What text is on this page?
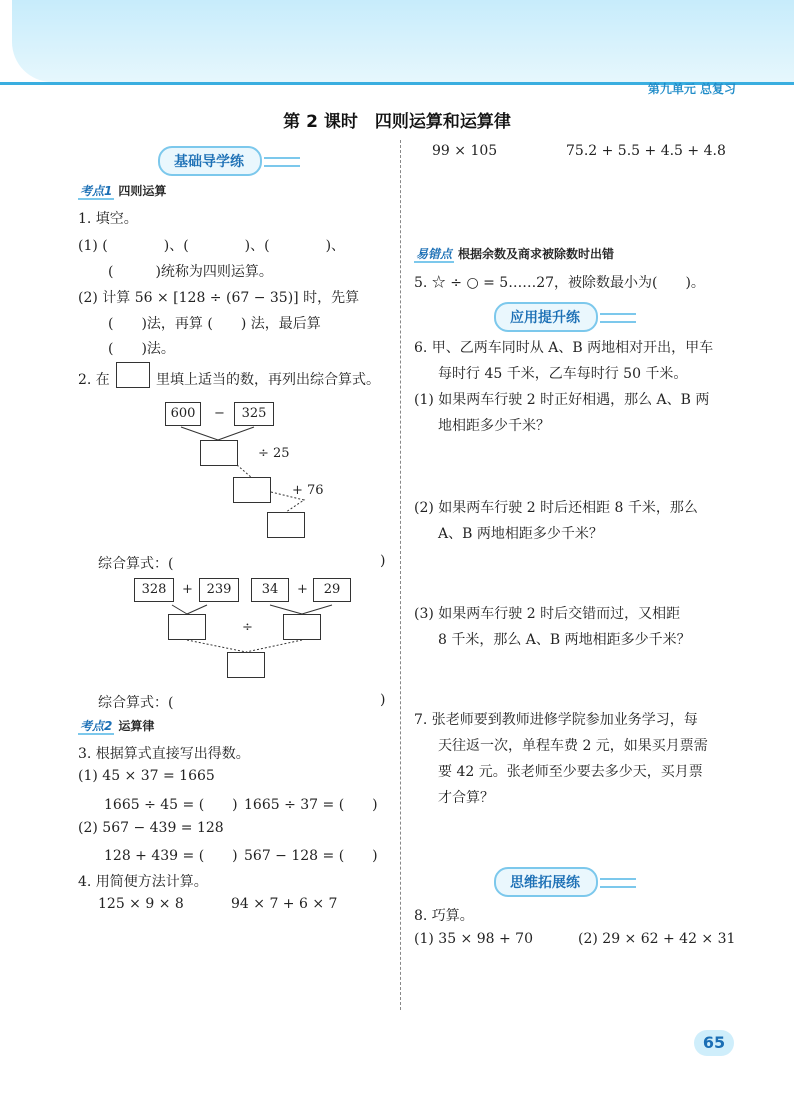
第九单元 总复习
第 2 课时　四则运算和运算律
基础导学练
考点1 四则运算
1. 填空。
(1) (　　　　)、(　　　　)、(　　　　)、
(　　　)统称为四则运算。
(2) 计算 56 × [128 ÷ (67 − 35)] 时，先算
(　　)法，再算 (　　) 法，最后算
(　　)法。
2. 在	里填上适当的数，再列出综合算式。
600	−	325
÷ 25
+ 76
综合算式：(	)
328	+	239	34	+	29
÷
综合算式：(	)
考点2 运算律
3. 根据算式直接写出得数。
(1) 45 × 37 = 1665
1665 ÷ 45 = (　　) 1665 ÷ 37 = (　　)
(2) 567 − 439 = 128
128 + 439 = (　　) 567 − 128 = (　　)
4. 用简便方法计算。
125 × 9 × 8	94 × 7 + 6 × 7
99 × 105	75.2 + 5.5 + 4.5 + 4.8
易错点 根据余数及商求被除数时出错
5. ☆ ÷ ○ = 5……27，被除数最小为(　　)。
应用提升练
6. 甲、乙两车同时从 A、B 两地相对开出，甲车
每时行 45 千米，乙车每时行 50 千米。
(1) 如果两车行驶 2 时正好相遇，那么 A、B 两
地相距多少千米？
(2) 如果两车行驶 2 时后还相距 8 千米，那么
A、B 两地相距多少千米？
(3) 如果两车行驶 2 时后交错而过，又相距
8 千米，那么 A、B 两地相距多少千米？
7. 张老师要到教师进修学院参加业务学习，每
天往返一次，单程车费 2 元，如果买月票需
要 42 元。张老师至少要去多少天，买月票
才合算？
思维拓展练
8. 巧算。
(1) 35 × 98 + 70	(2) 29 × 62 + 42 × 31
65
